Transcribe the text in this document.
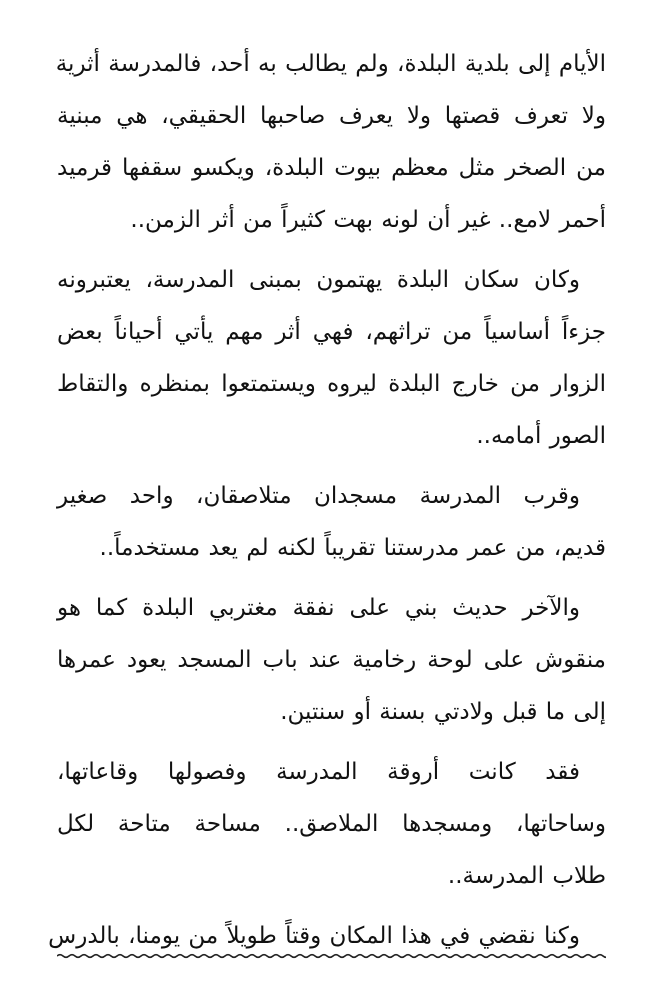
الأيام إلى بلدية البلدة، ولم يطالب به أحد، فالمدرسة أثرية
ولا تعرف قصتها ولا يعرف صاحبها الحقيقي، هي مبنية
من الصخر مثل معظم بيوت البلدة، ويكسو سقفها قرميد
أحمر لامع.. غير أن لونه بهت كثيراً من أثر الزمن..
وكان سكان البلدة يهتمون بمبنى المدرسة، يعتبرونه
جزءاً أساسياً من تراثهم، فهي أثر مهم يأتي أحياناً بعض
الزوار من خارج البلدة ليروه ويستمتعوا بمنظره والتقاط
الصور أمامه..
وقرب المدرسة مسجدان متلاصقان، واحد صغير
قديم، من عمر مدرستنا تقريباً لكنه لم يعد مستخدماً..
والآخر حديث بني على نفقة مغتربي البلدة كما هو
منقوش على لوحة رخامية عند باب المسجد يعود عمرها
إلى ما قبل ولادتي بسنة أو سنتين.
فقد كانت أروقة المدرسة وفصولها وقاعاتها،
وساحاتها، ومسجدها الملاصق.. مساحة متاحة لكل
طلاب المدرسة..
وكنا نقضي في هذا المكان وقتاً طويلاً من يومنا، بالدرس
